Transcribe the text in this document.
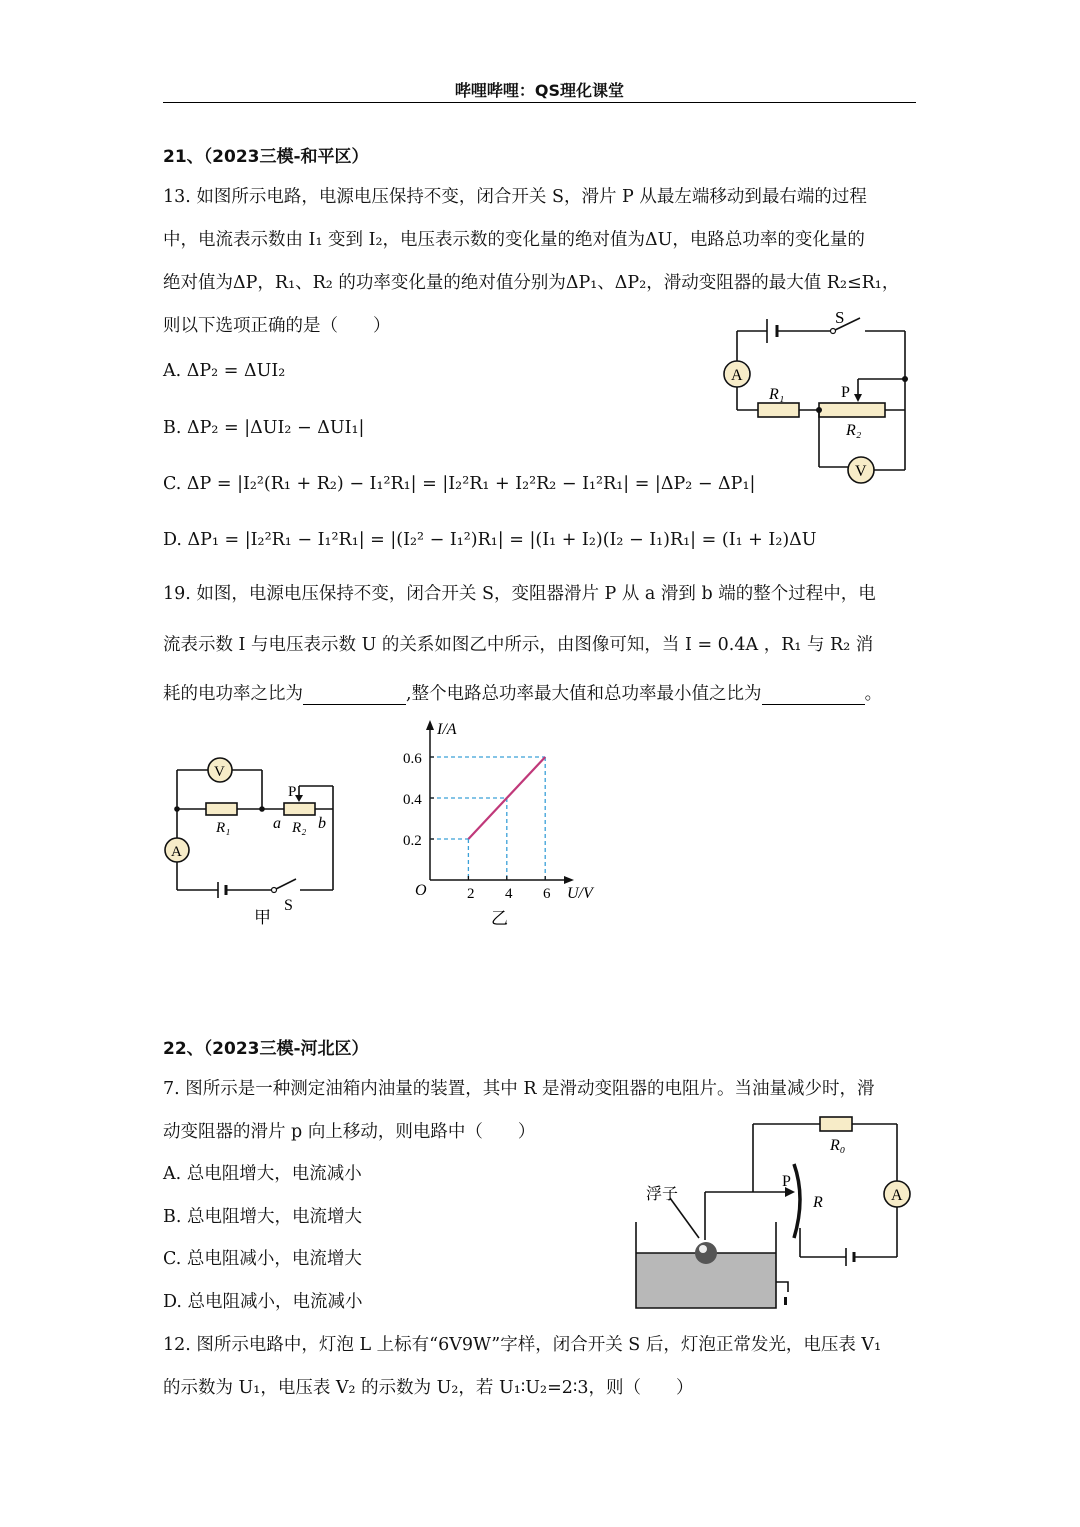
哔哩哔哩：QS理化课堂
21、（2023三模-和平区）
13. 如图所示电路，电源电压保持不变，闭合开关 S，滑片 P 从最左端移动到最右端的过程
中，电流表示数由 I₁ 变到 I₂，电压表示数的变化量的绝对值为ΔU，电路总功率的变化量的
绝对值为ΔP，R₁、R₂ 的功率变化量的绝对值分别为ΔP₁、ΔP₂，滑动变阻器的最大值 R₂≤R₁，
则以下选项正确的是（　　）
A. ΔP₂ = ΔUI₂
B. ΔP₂ = |ΔUI₂ − ΔUI₁|
C. ΔP = |I₂²(R₁ + R₂) − I₁²R₁| = |I₂²R₁ + I₂²R₂ − I₁²R₁| = |ΔP₂ − ΔP₁|
D. ΔP₁ = |I₂²R₁ − I₁²R₁| = |(I₂² − I₁²)R₁| = |(I₁ + I₂)(I₂ − I₁)R₁| = (I₁ + I₂)ΔU
S
A
V
R₁
R₂
P
19. 如图，电源电压保持不变，闭合开关 S，变阻器滑片 P 从 a 滑到 b 端的整个过程中，电
流表示数 I 与电压表示数 U 的关系如图乙中所示，由图像可知，当 I = 0.4A ，R₁ 与 R₂ 消
耗的电功率之比为	,整个电路总功率最大值和总功率最小值之比为	。
V
A
R₁	R₂
P
a b
S
甲
I/A
U/V
O
0.2
0.4
0.6
2 4 6
乙
22、（2023三模-河北区）
7. 图所示是一种测定油箱内油量的装置，其中 R 是滑动变阻器的电阻片。当油量减少时，滑
动变阻器的滑片 p 向上移动，则电路中（　　）
A. 总电阻增大，电流减小
B. 总电阻增大，电流增大
C. 总电阻减小，电流增大
D. 总电阻减小，电流减小
浮子
R₀
R
P
A
12. 图所示电路中，灯泡 L 上标有“6V9W”字样，闭合开关 S 后，灯泡正常发光，电压表 V₁
的示数为 U₁，电压表 V₂ 的示数为 U₂，若 U₁∶U₂=2∶3，则（　　）
